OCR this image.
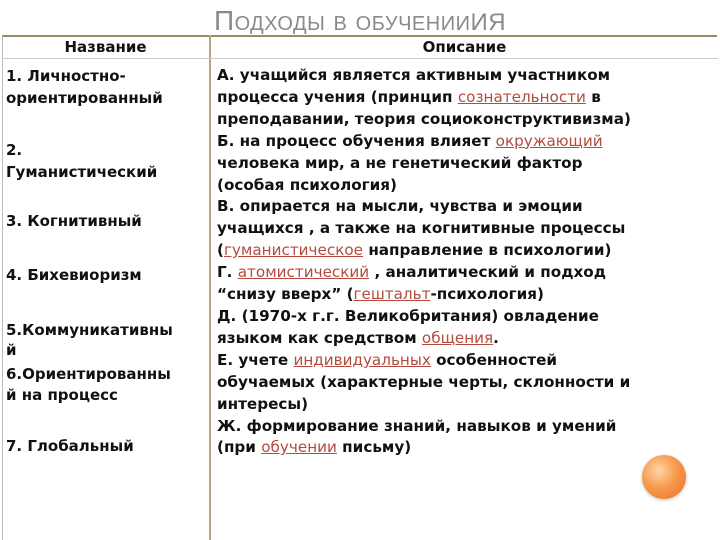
Подходы в обученииия
Название	Описание
1. Личностно-
ориентированный
2.
Гуманистический
3. Когнитивный
4. Бихевиоризм
5.Коммуникативны
й
6.Ориентированны
й на процесс
7. Глобальный
А. учащийся является активным участником
процесса учения (принцип сознательности в
преподавании, теория социоконструктивизма)
Б. на процесс обучения влияет окружающий
человека мир, а не генетический фактор
(особая психология)
В. опирается на мысли, чувства и эмоции
учащихся , а также на когнитивные процессы
(гуманистическое направление в психологии)
Г. атомистический , аналитический и подход
“снизу вверх” (гештальт-психология)
Д. (1970-х г.г. Великобритания) овладение
языком как средством общения.
Е. учете индивидуальных особенностей
обучаемых (характерные черты, склонности и
интересы)
Ж. формирование знаний, навыков и умений
(при обучении письму)
